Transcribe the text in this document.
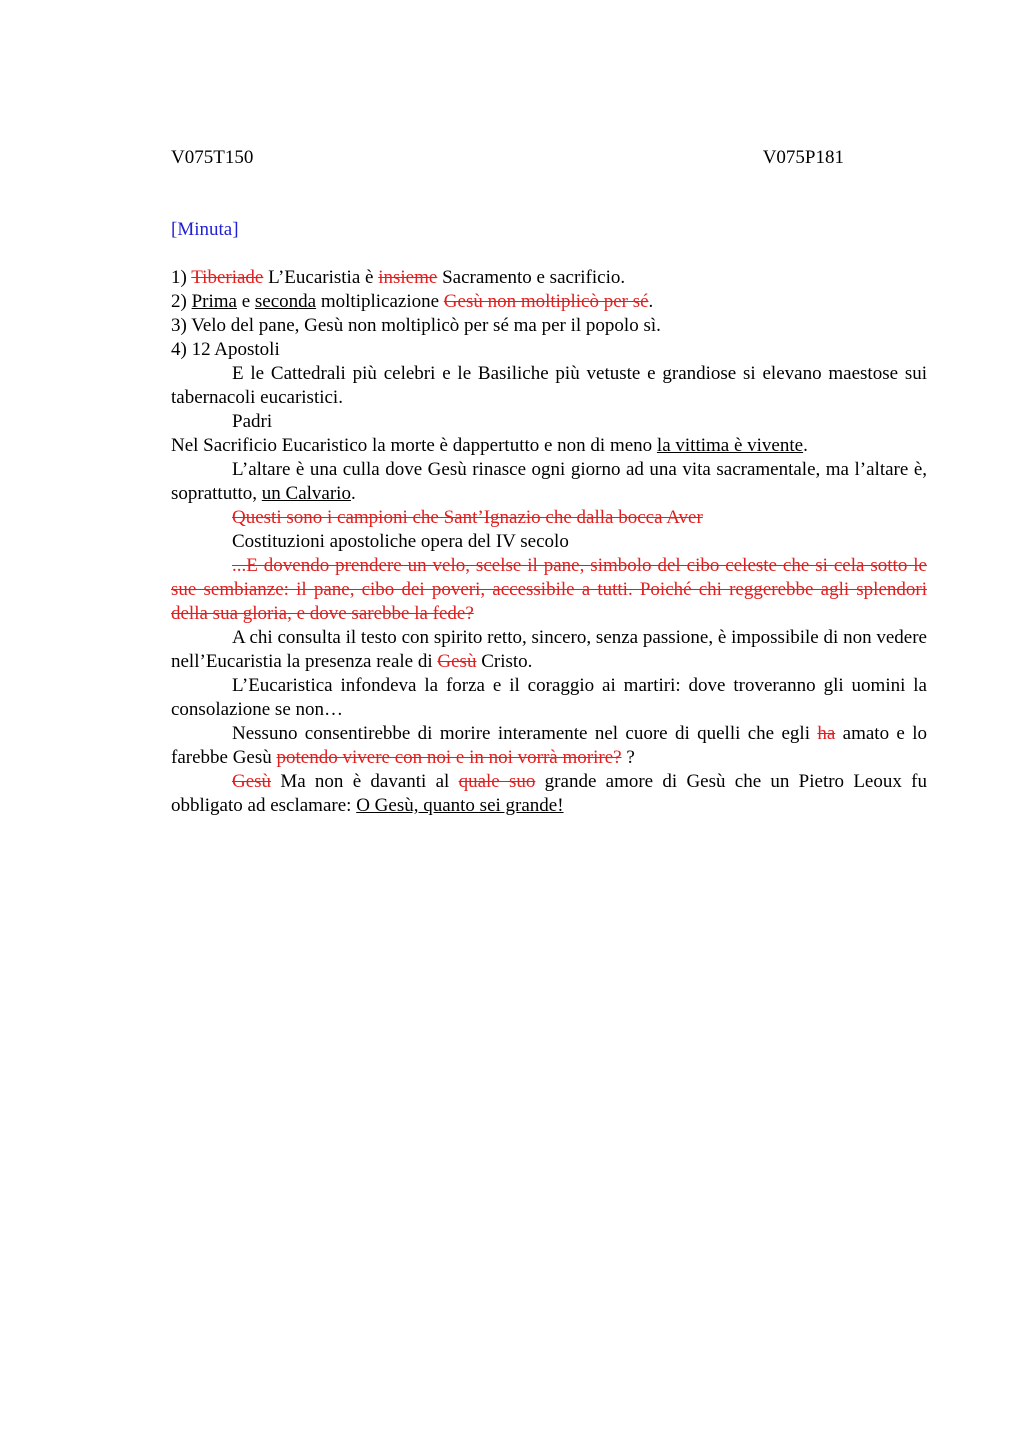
V075T150	V075P181
[Minuta]

1) Tiberiade L’Eucaristia è insieme Sacramento e sacrificio.

2) Prima e seconda moltiplicazione Gesù non moltiplicò per sé.

3) Velo del pane, Gesù non moltiplicò per sé ma per il popolo sì.

4) 12 Apostoli

E le Cattedrali più celebri e le Basiliche più vetuste e grandiose si elevano maestose sui tabernacoli eucaristici.

Padri

Nel Sacrificio Eucaristico la morte è dappertutto e non di meno la vittima è vivente.

L’altare è una culla dove Gesù rinasce ogni giorno ad una vita sacramentale, ma l’altare è, soprattutto, un Calvario.

Questi sono i campioni che Sant’Ignazio che dalla bocca Aver

Costituzioni apostoliche opera del IV secolo

...E dovendo prendere un velo, scelse il pane, simbolo del cibo celeste che si cela sotto le sue sembianze: il pane, cibo dei poveri, accessibile a tutti. Poiché chi reggerebbe agli splendori della sua gloria, e dove sarebbe la fede?

A chi consulta il testo con spirito retto, sincero, senza passione, è impossibile di non vedere nell’Eucaristia la presenza reale di Gesù Cristo.

L’Eucaristica infondeva la forza e il coraggio ai martiri: dove troveranno gli uomini la consolazione se non…

Nessuno consentirebbe di morire interamente nel cuore di quelli che egli ha amato e lo farebbe Gesù potendo vivere con noi e in noi vorrà morire? ?

Gesù Ma non è davanti al quale suo grande amore di Gesù che un Pietro Leoux fu obbligato ad esclamare: O Gesù, quanto sei grande!
